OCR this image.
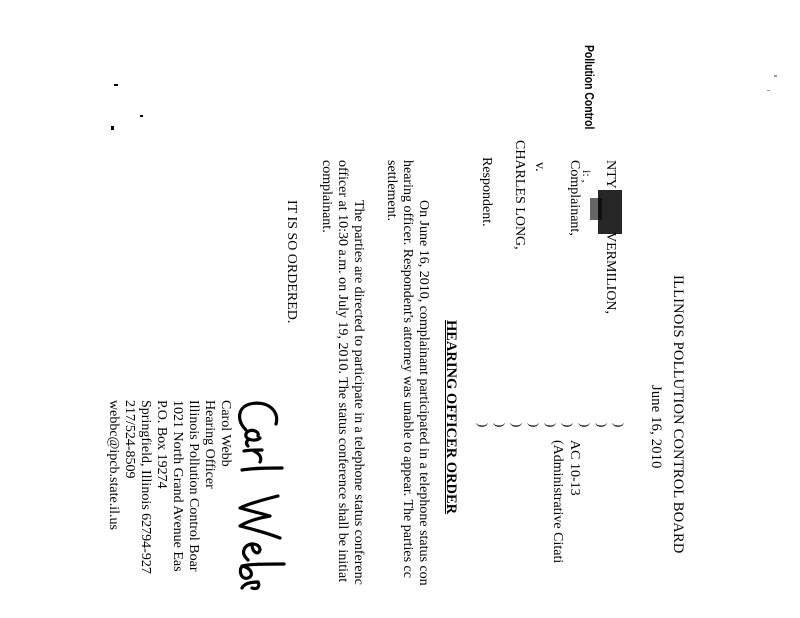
ILLINOIS POLLUTION CONTROL BOARD
June 16, 2010
NTY
VERMILION,
Pollution Control
i: ,
Complainant,
v.
CHARLES LONG,
Respondent.
)
)
)
)
)
)
)
)
)
AC 10-13
(Administrative Citati
HEARING OFFICER ORDER
On June 16, 2010, complainant participated in a telephone status con
hearing officer. Respondent's attorney was unable to appear. The parties cc
settlement.
The parties are directed to participate in a telephone status conferenc
officer at 10:30 a.m. on July 19, 2010. The status conference shall be initiat
complainant.
IT IS SO ORDERED.
Carol Webb
Hearing Officer
Illinois Pollution Control Boar
1021 North Grand Avenue Eas
P.O. Box 19274
Springfield, Illinois 62794-927
217/524-8509
webbc@ipcb.state.il.us
